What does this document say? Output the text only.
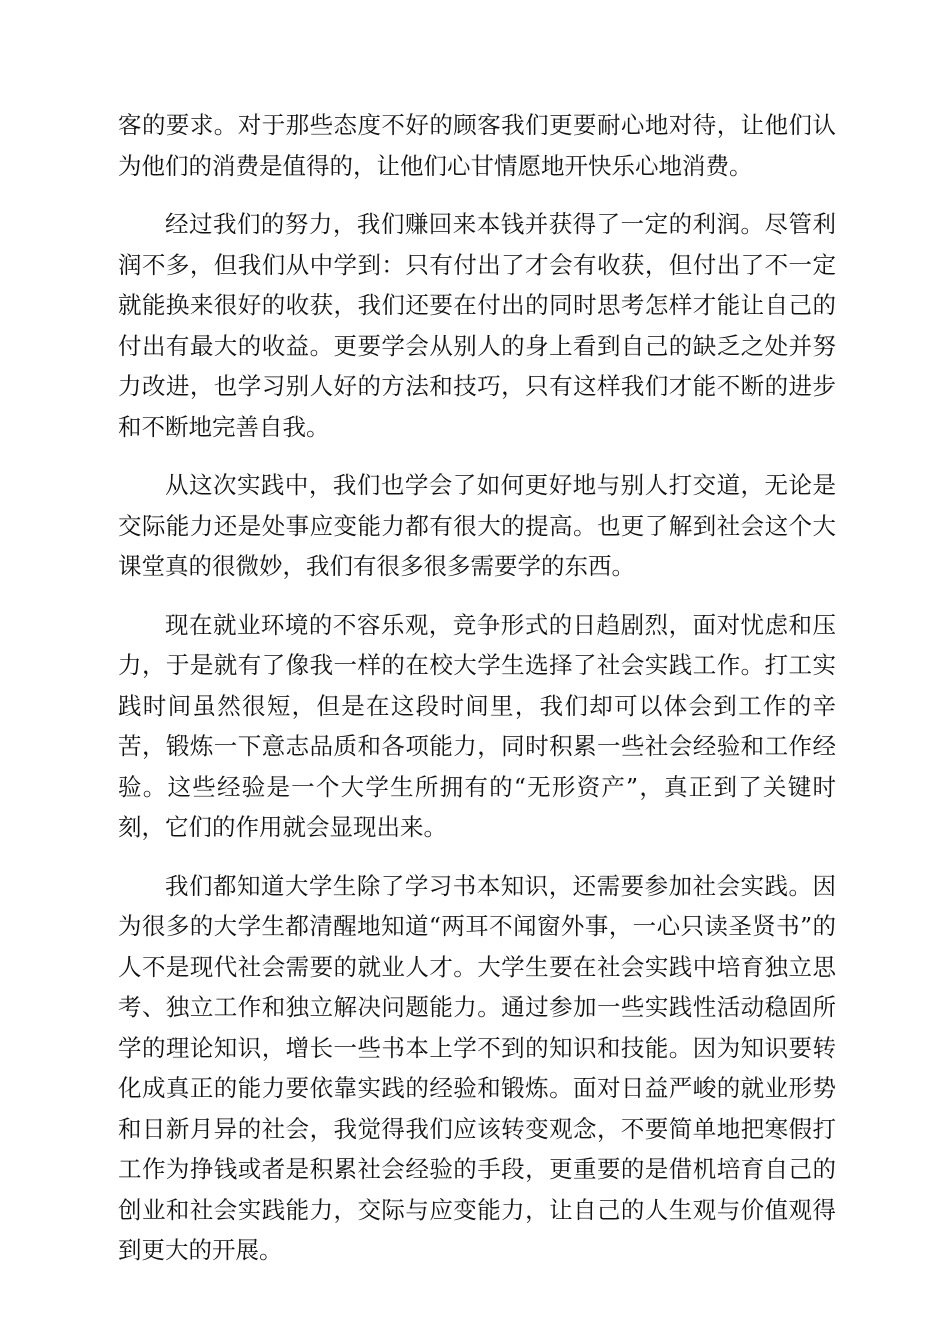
客的要求。对于那些态度不好的顾客我们更要耐心地对待，让他们认为他们的消费是值得的，让他们心甘情愿地开快乐心地消费。

经过我们的努力，我们赚回来本钱并获得了一定的利润。尽管利润不多，但我们从中学到：只有付出了才会有收获，但付出了不一定就能换来很好的收获，我们还要在付出的同时思考怎样才能让自己的付出有最大的收益。更要学会从别人的身上看到自己的缺乏之处并努力改进，也学习别人好的方法和技巧，只有这样我们才能不断的进步和不断地完善自我。

从这次实践中，我们也学会了如何更好地与别人打交道，无论是交际能力还是处事应变能力都有很大的提高。也更了解到社会这个大课堂真的很微妙，我们有很多很多需要学的东西。

现在就业环境的不容乐观，竞争形式的日趋剧烈，面对忧虑和压力，于是就有了像我一样的在校大学生选择了社会实践工作。打工实践时间虽然很短，但是在这段时间里，我们却可以体会到工作的辛苦，锻炼一下意志品质和各项能力，同时积累一些社会经验和工作经验。这些经验是一个大学生所拥有的“无形资产”，真正到了关键时刻，它们的作用就会显现出来。

我们都知道大学生除了学习书本知识，还需要参加社会实践。因为很多的大学生都清醒地知道“两耳不闻窗外事，一心只读圣贤书”的人不是现代社会需要的就业人才。大学生要在社会实践中培育独立思考、独立工作和独立解决问题能力。通过参加一些实践性活动稳固所学的理论知识，增长一些书本上学不到的知识和技能。因为知识要转化成真正的能力要依靠实践的经验和锻炼。面对日益严峻的就业形势和日新月异的社会，我觉得我们应该转变观念，不要简单地把寒假打工作为挣钱或者是积累社会经验的手段，更重要的是借机培育自己的创业和社会实践能力，交际与应变能力，让自己的人生观与价值观得到更大的开展。
